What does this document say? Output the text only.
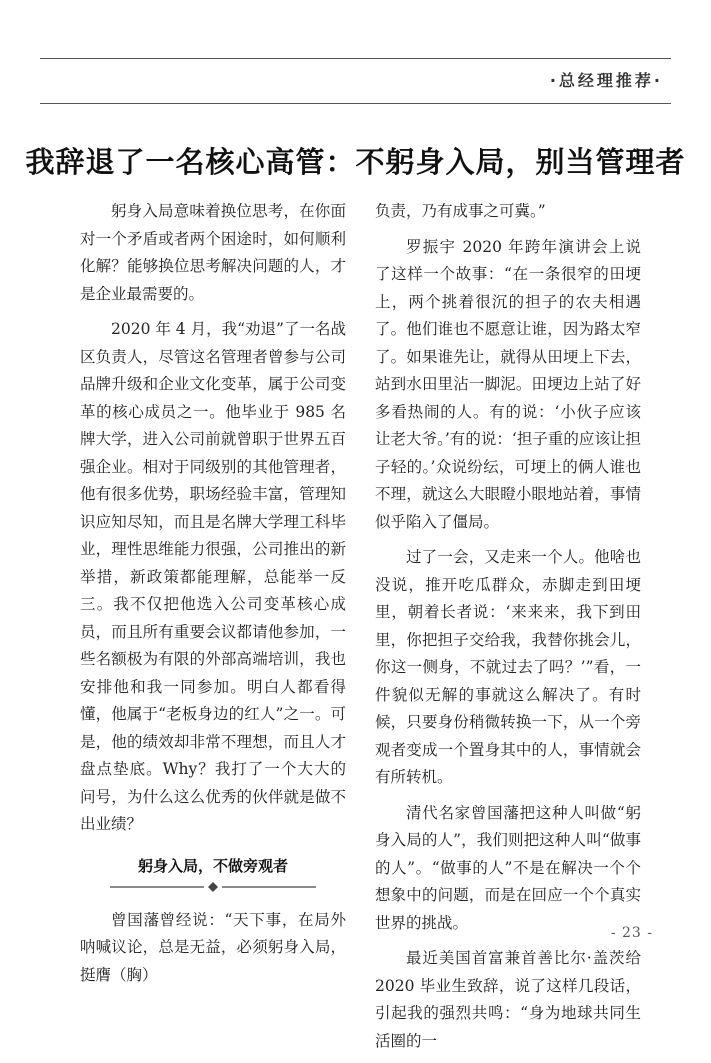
·总经理推荐·
我辞退了一名核心高管：不躬身入局，别当管理者

躬身入局意味着换位思考，在你面对一个矛盾或者两个困途时，如何顺利化解？能够换位思考解决问题的人，才是企业最需要的。

2020 年 4 月，我“劝退”了一名战区负责人，尽管这名管理者曾参与公司品牌升级和企业文化变革，属于公司变革的核心成员之一。他毕业于 985 名牌大学，进入公司前就曾职于世界五百强企业。相对于同级别的其他管理者，他有很多优势，职场经验丰富，管理知识应知尽知，而且是名牌大学理工科毕业，理性思维能力很强，公司推出的新举措，新政策都能理解，总能举一反三。我不仅把他选入公司变革核心成员，而且所有重要会议都请他参加，一些名额极为有限的外部高端培训，我也安排他和我一同参加。明白人都看得懂，他属于“老板身边的红人”之一。可是，他的绩效却非常不理想，而且人才盘点垫底。Why？我打了一个大大的问号，为什么这么优秀的伙伴就是做不出业绩？

躬身入局，不做旁观者

曾国藩曾经说：“天下事，在局外呐喊议论，总是无益，必须躬身入局，挺膺（胸）

负责，乃有成事之可冀。”

罗振宇 2020 年跨年演讲会上说了这样一个故事：“在一条很窄的田埂上，两个挑着很沉的担子的农夫相遇了。他们谁也不愿意让谁，因为路太窄了。如果谁先让，就得从田埂上下去，站到水田里沾一脚泥。田埂边上站了好多看热闹的人。有的说：‘小伙子应该让老大爷。’有的说：‘担子重的应该让担子轻的。’众说纷纭，可埂上的俩人谁也不理，就这么大眼瞪小眼地站着，事情似乎陷入了僵局。

过了一会，又走来一个人。他啥也没说，推开吃瓜群众，赤脚走到田埂里，朝着长者说：‘来来来，我下到田里，你把担子交给我，我替你挑会儿，你这一侧身，不就过去了吗？’”看，一件貌似无解的事就这么解决了。有时候，只要身份稍微转换一下，从一个旁观者变成一个置身其中的人，事情就会有所转机。

清代名家曾国藩把这种人叫做“躬身入局的人”，我们则把这种人叫“做事的人”。“做事的人”不是在解决一个个想象中的问题，而是在回应一个个真实世界的挑战。

最近美国首富兼首善比尔·盖茨给 2020 毕业生致辞，说了这样几段话，引起我的强烈共鸣：“身为地球共同生活圈的一

- 23 -
